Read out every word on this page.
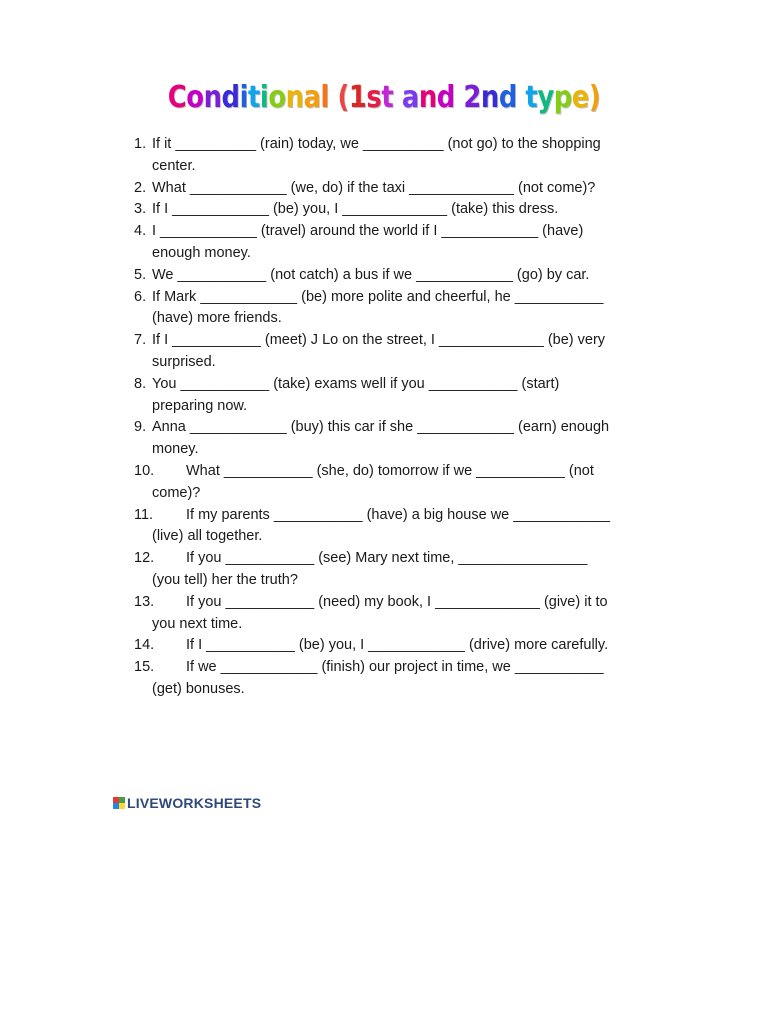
Conditional (1st and 2nd type)
1. If it __________ (rain) today, we __________ (not go) to the shopping
center.
2. What ____________ (we, do) if the taxi _____________ (not come)?
3. If I ____________ (be) you, I _____________ (take) this dress.
4. I ____________ (travel) around the world if I ____________ (have)
enough money.
5. We ___________ (not catch) a bus if we ____________ (go) by car.
6. If Mark ____________ (be) more polite and cheerful, he ___________
(have) more friends.
7. If I ___________ (meet) J Lo on the street, I _____________ (be) very
surprised.
8. You ___________ (take) exams well if you ___________ (start)
preparing now.
9. Anna ____________ (buy) this car if she ____________ (earn) enough
money.
10.	What ___________ (she, do) tomorrow if we ___________ (not
come)?
11.	If my parents ___________ (have) a big house we ____________
(live) all together.
12.	If you ___________ (see) Mary next time, ________________
(you tell) her the truth?
13.	If you ___________ (need) my book, I _____________ (give) it to
you next time.
14.	If I ___________ (be) you, I ____________ (drive) more carefully.
15.	If we ____________ (finish) our project in time, we ___________
(get) bonuses.
LIVEWORKSHEETS
